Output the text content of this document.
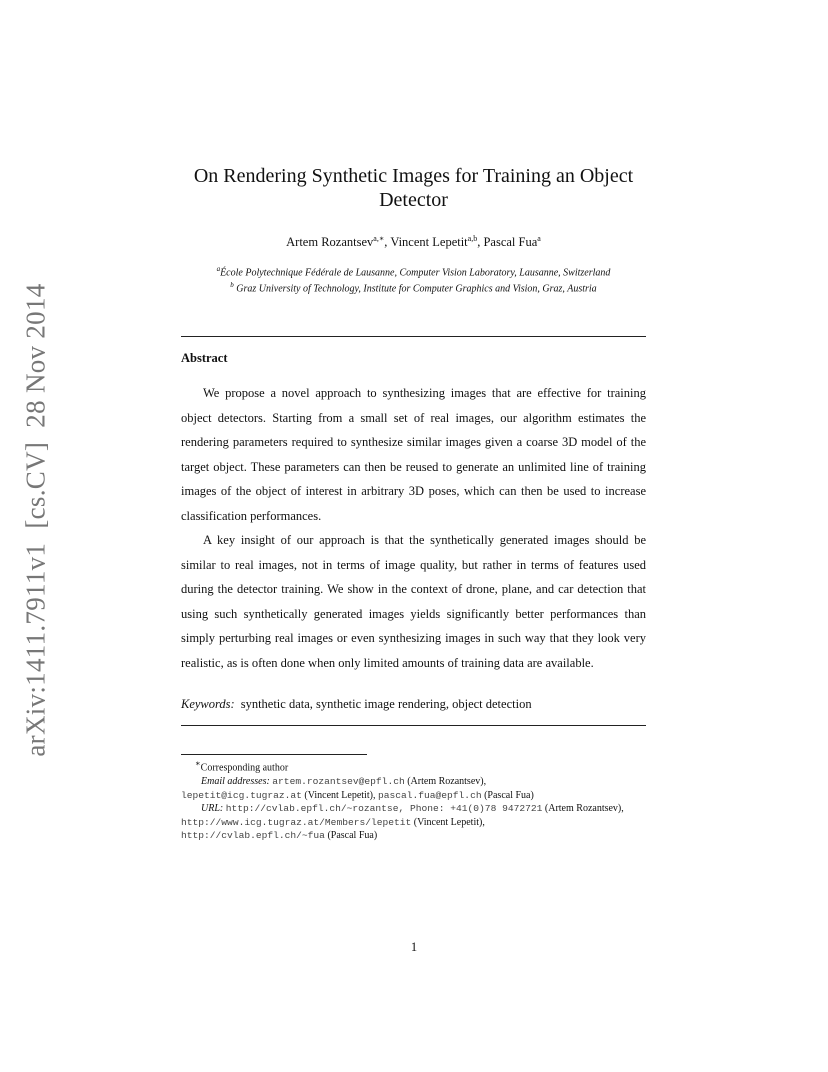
arXiv:1411.7911v1  [cs.CV]  28 Nov 2014
On Rendering Synthetic Images for Training an Object Detector
Artem Rozantsev$^{a,∗}$, Vincent Lepetit$^{a,b}$, Pascal Fua$^a$
$^a$École Polytechnique Fédérale de Lausanne, Computer Vision Laboratory, Lausanne, Switzerland
$^b$ Graz University of Technology, Institute for Computer Graphics and Vision, Graz, Austria
Abstract

We propose a novel approach to synthesizing images that are effective for training object detectors. Starting from a small set of real images, our algorithm estimates the rendering parameters required to synthesize similar images given a coarse 3D model of the target object. These parameters can then be reused to generate an unlimited line of training images of the object of interest in arbitrary 3D poses, which can then be used to increase classification performances.

A key insight of our approach is that the synthetically generated images should be similar to real images, not in terms of image quality, but rather in terms of features used during the detector training. We show in the context of drone, plane, and car detection that using such synthetically generated images yields significantly better performances than simply perturbing real images or even synthesizing images in such way that they look very realistic, as is often done when only limited amounts of training data are available.

Keywords: synthetic data, synthetic image rendering, object detection
∗Corresponding author
Email addresses: artem.rozantsev@epfl.ch (Artem Rozantsev),
lepetit@icg.tugraz.at (Vincent Lepetit), pascal.fua@epfl.ch (Pascal Fua)
URL: http://cvlab.epfl.ch/~rozantse, Phone: +41(0)78 9472721 (Artem Rozantsev), http://www.icg.tugraz.at/Members/lepetit (Vincent Lepetit),
http://cvlab.epfl.ch/~fua (Pascal Fua)
1
